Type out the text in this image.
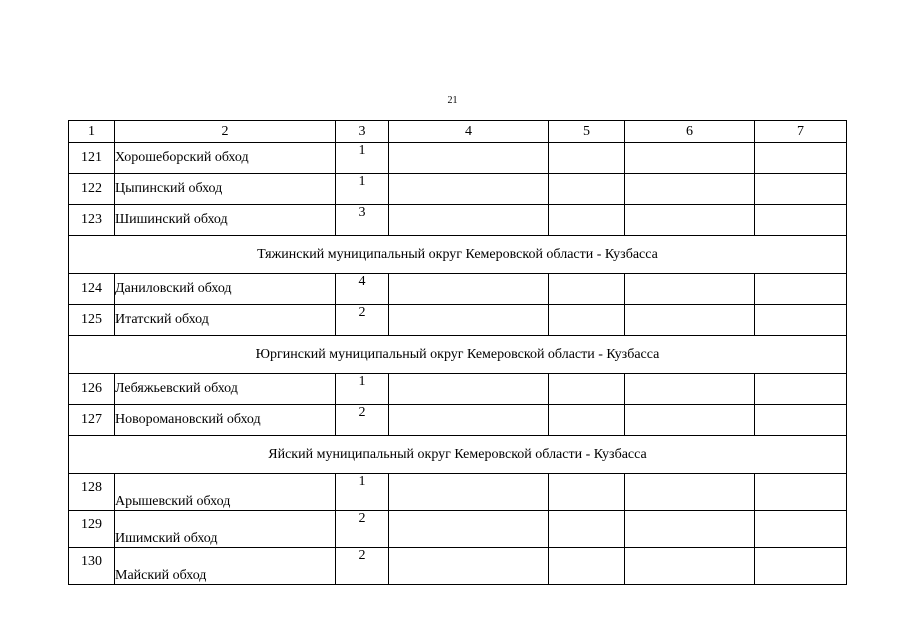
21
1	2	3	4	5	6	7
121	Хорошеборский обход	1				
122	Цыпинский обход	1				
123	Шишинский обход	3				
Тяжинский муниципальный округ Кемеровской области - Кузбасса						
124	Даниловский обход	4				
125	Итатский обход	2				
Юргинский муниципальный округ Кемеровской области - Кузбасса						
126	Лебяжьевский обход	1				
127	Новоромановский обход	2				
Яйский муниципальный округ Кемеровской области - Кузбасса						
128	Арышевский обход	1				
129	Ишимский обход	2				
130	Майский обход	2				
